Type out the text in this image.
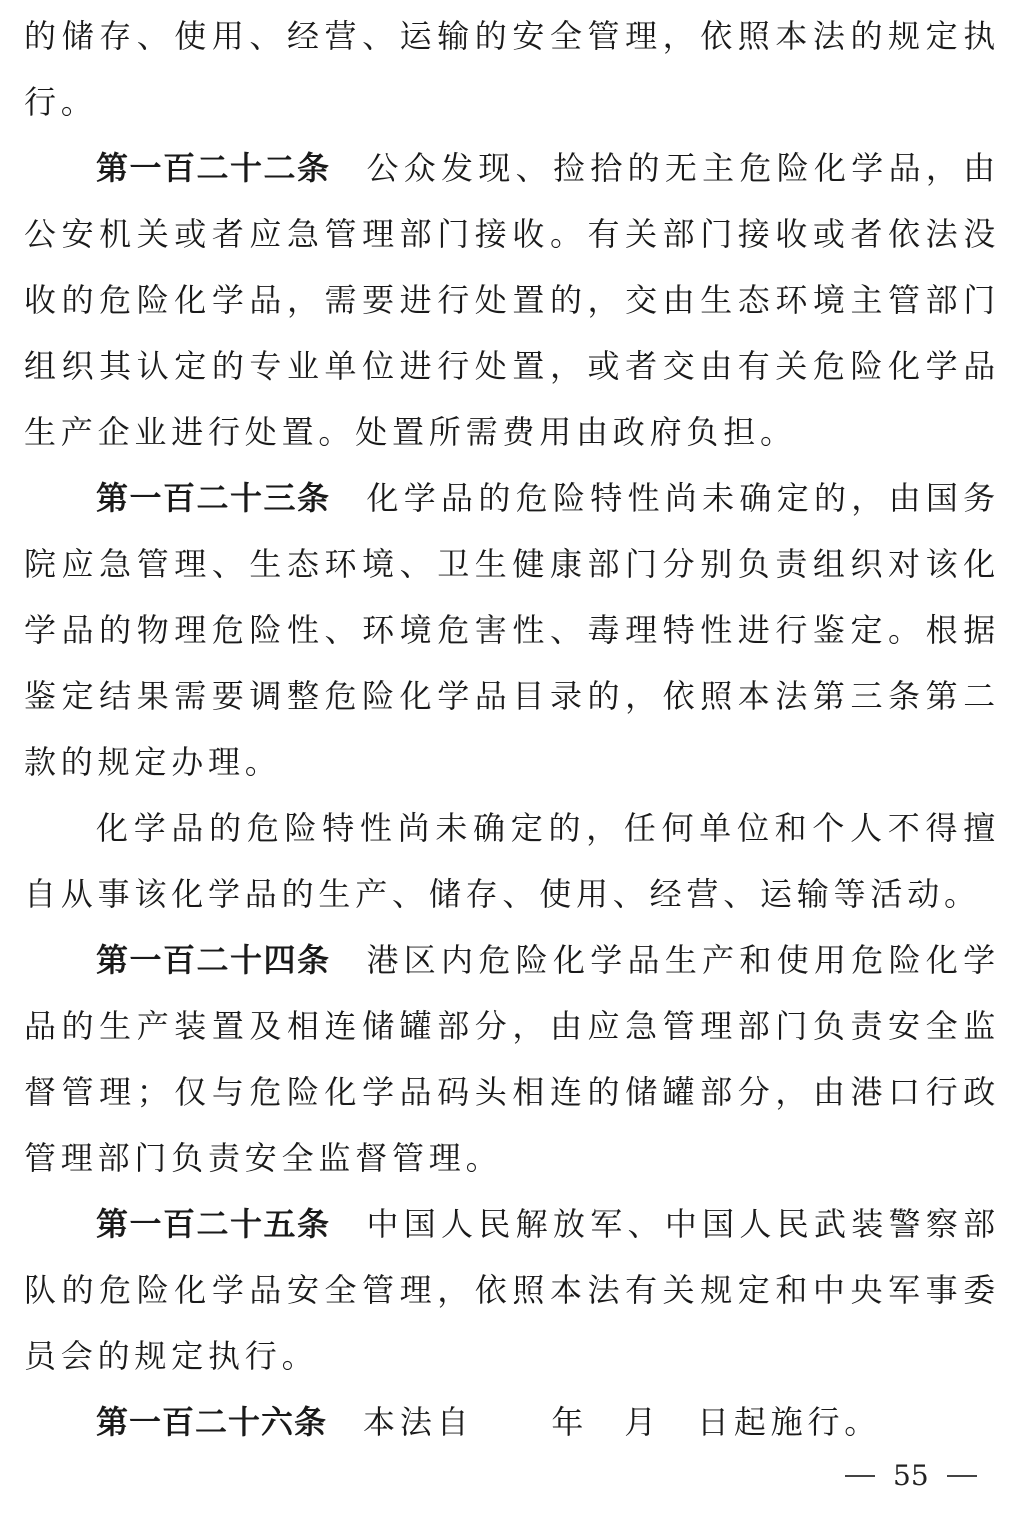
的储存、使用、经营、运输的安全管理，依照本法的规定执行。

第一百二十二条 公众发现、捡拾的无主危险化学品，由公安机关或者应急管理部门接收。有关部门接收或者依法没收的危险化学品，需要进行处置的，交由生态环境主管部门组织其认定的专业单位进行处置，或者交由有关危险化学品生产企业进行处置。处置所需费用由政府负担。

第一百二十三条 化学品的危险特性尚未确定的，由国务院应急管理、生态环境、卫生健康部门分别负责组织对该化学品的物理危险性、环境危害性、毒理特性进行鉴定。根据鉴定结果需要调整危险化学品目录的，依照本法第三条第二款的规定办理。

化学品的危险特性尚未确定的，任何单位和个人不得擅自从事该化学品的生产、储存、使用、经营、运输等活动。

第一百二十四条 港区内危险化学品生产和使用危险化学品的生产装置及相连储罐部分，由应急管理部门负责安全监督管理；仅与危险化学品码头相连的储罐部分，由港口行政管理部门负责安全监督管理。

第一百二十五条 中国人民解放军、中国人民武装警察部队的危险化学品安全管理，依照本法有关规定和中央军事委员会的规定执行。

第一百二十六条 本法自 年 月 日起施行。

55
